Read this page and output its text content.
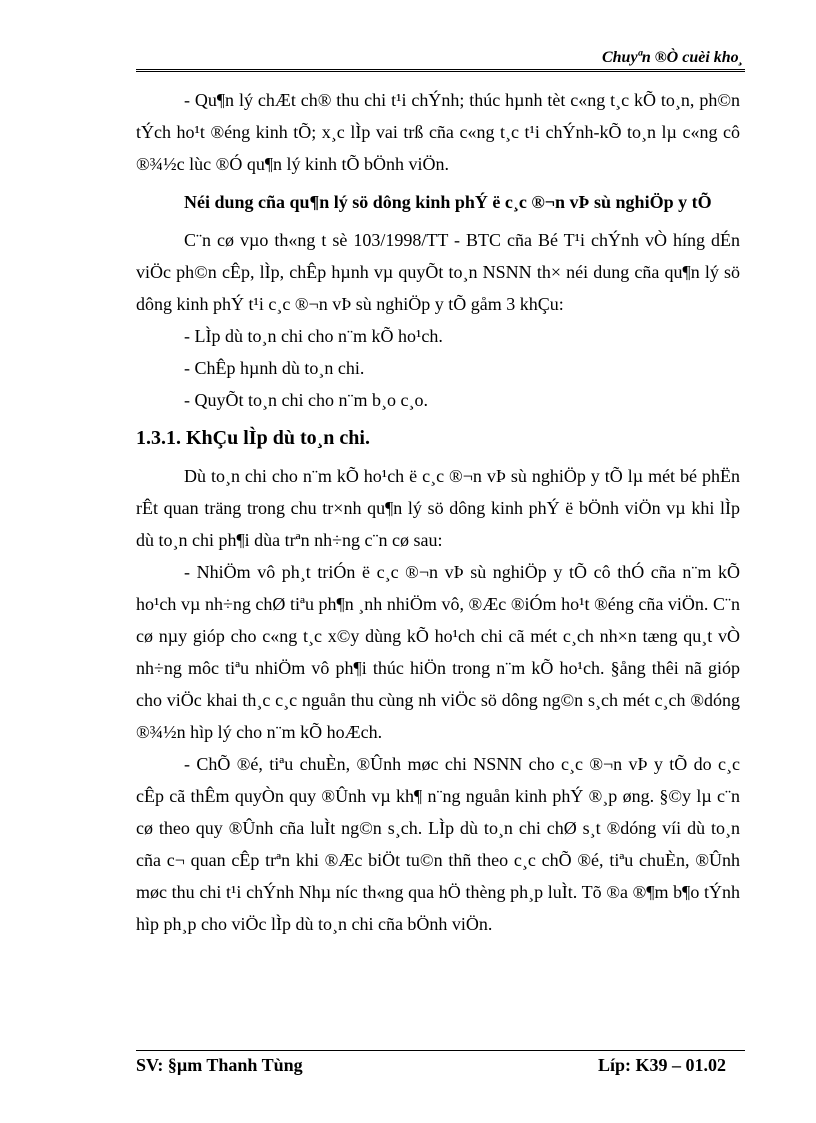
Chuyªn ®Ò cuèi kho¸

- Qu¶n lý chÆt ch® thu chi t¹i chÝnh; thúc hµnh tèt c«ng t¸c kÕ to¸n, ph©n tÝch ho¹t ®éng kinh tÕ; x¸c lÌp vai trß cña c«ng t¸c t¹i chÝnh-kÕ to¸n lµ c«ng cô ®¾½c lùc ®Ó qu¶n lý kinh tÕ bÖnh viÖn.

Néi dung cña qu¶n lý sö dông kinh phÝ ë c¸c ®¬n vÞ sù nghiÖp y tÕ

C¨n cø vµo th«ng t sè 103/1998/TT - BTC cña Bé T¹i chÝnh vÒ híng dÉn viÖc ph©n cÊp, lÌp, chÊp hµnh vµ quyÕt to¸n NSNN th× néi dung cña qu¶n lý sö dông kinh phÝ t¹i c¸c ®¬n vÞ sù nghiÖp y tÕ gåm 3 khÇu:

- LÌp dù to¸n chi cho n¨m kÕ ho¹ch.

- ChÊp hµnh dù to¸n chi.

- QuyÕt to¸n chi cho n¨m b¸o c¸o.

1.3.1. KhÇu lÌp dù to¸n chi.

Dù to¸n chi cho n¨m kÕ ho¹ch ë c¸c ®¬n vÞ sù nghiÖp y tÕ lµ mét bé phËn rÊt quan träng trong chu tr×nh qu¶n lý sö dông kinh phÝ ë bÖnh viÖn vµ khi lÌp dù to¸n chi ph¶i dùa trªn nh÷ng c¨n cø sau:

- NhiÖm vô ph¸t triÓn ë c¸c ®¬n vÞ sù nghiÖp y tÕ cô thÓ cña n¨m kÕ ho¹ch vµ nh÷ng chØ tiªu ph¶n ¸nh nhiÖm vô, ®Æc ®iÓm ho¹t ®éng cña viÖn. C¨n cø nµy gióp cho c«ng t¸c x©y dùng kÕ ho¹ch chi cã mét c¸ch nh×n tæng qu¸t vÒ nh÷ng môc tiªu nhiÖm vô ph¶i thúc hiÖn trong n¨m kÕ ho¹ch. §ång thêi nã gióp cho viÖc khai th¸c c¸c nguån thu cùng nh viÖc sö dông ng©n s¸ch mét c¸ch ®dóng ®¾½n hìp lý cho n¨m kÕ hoÆch.

- ChÕ ®é, tiªu chuÈn, ®Ûnh møc chi NSNN cho c¸c ®¬n vÞ y tÕ do c¸c cÊp cã thÊm quyÒn quy ®Ûnh vµ kh¶ n¨ng nguån kinh phÝ ®¸p øng. §©y lµ c¨n cø theo quy ®Ûnh cña luÌt ng©n s¸ch. LÌp dù to¸n chi chØ s¸t ®dóng víi dù to¸n cña c¬ quan cÊp trªn khi ®Æc biÖt tu©n thñ theo c¸c chÕ ®é, tiªu chuÈn, ®Ûnh møc thu chi t¹i chÝnh Nhµ níc th«ng qua hÖ thèng ph¸p luÌt. Tõ ®a ®¶m b¶o tÝnh hìp ph¸p cho viÖc lÌp dù to¸n chi cña bÖnh viÖn.

SV: §µm Thanh Tùng	Líp: K39 – 01.02
